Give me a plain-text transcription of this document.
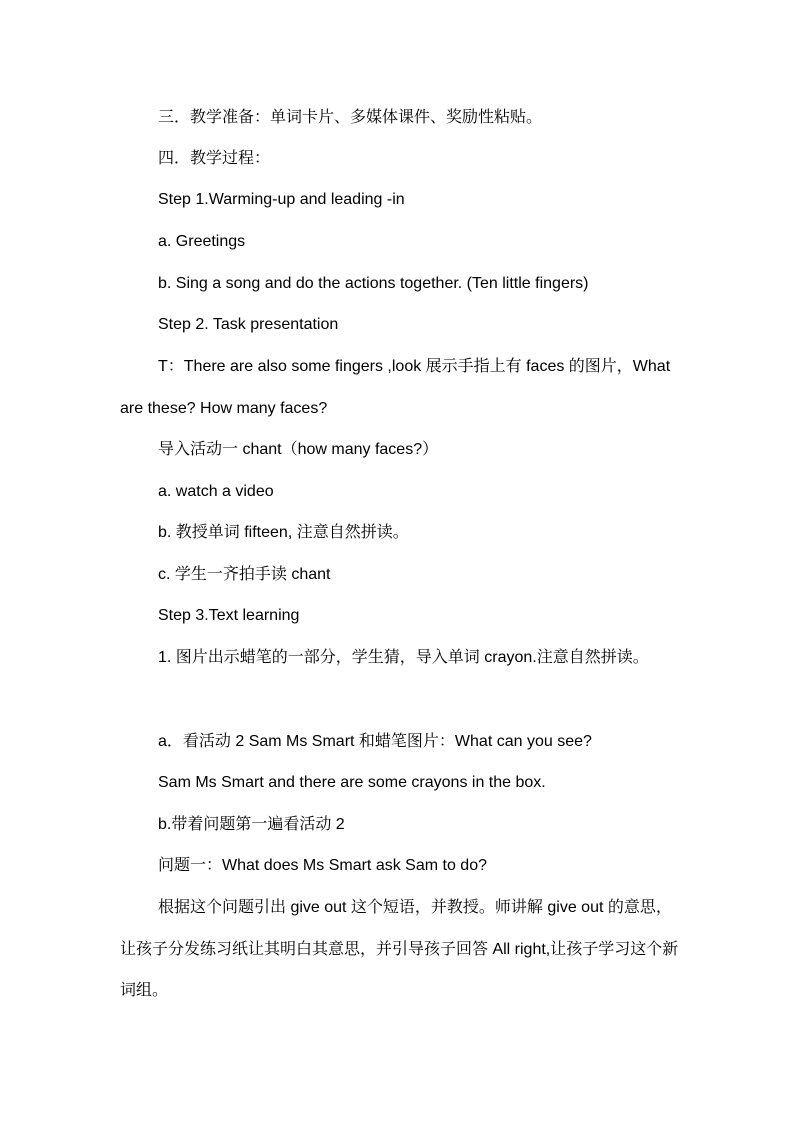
三．教学准备：单词卡片、多媒体课件、奖励性粘贴。

四．教学过程：

Step 1.Warming-up and leading -in

a. Greetings

b. Sing a song and do the actions together. (Ten little fingers)

Step 2. Task presentation

T：There are also some fingers ,look 展示手指上有 faces 的图片，What are these? How many faces?

导入活动一 chant（how many faces?）

a. watch a video

b. 教授单词 fifteen, 注意自然拼读。

c. 学生一齐拍手读 chant

Step 3.Text learning

1. 图片出示蜡笔的一部分，学生猜，导入单词 crayon.注意自然拼读。

a．看活动 2 Sam Ms Smart 和蜡笔图片：What can you see?

Sam Ms Smart and there are some crayons in the box.

b.带着问题第一遍看活动 2

问题一：What does Ms Smart ask Sam to do?

根据这个问题引出 give out 这个短语，并教授。师讲解 give out 的意思，让孩子分发练习纸让其明白其意思，并引导孩子回答 All right,让孩子学习这个新词组。
